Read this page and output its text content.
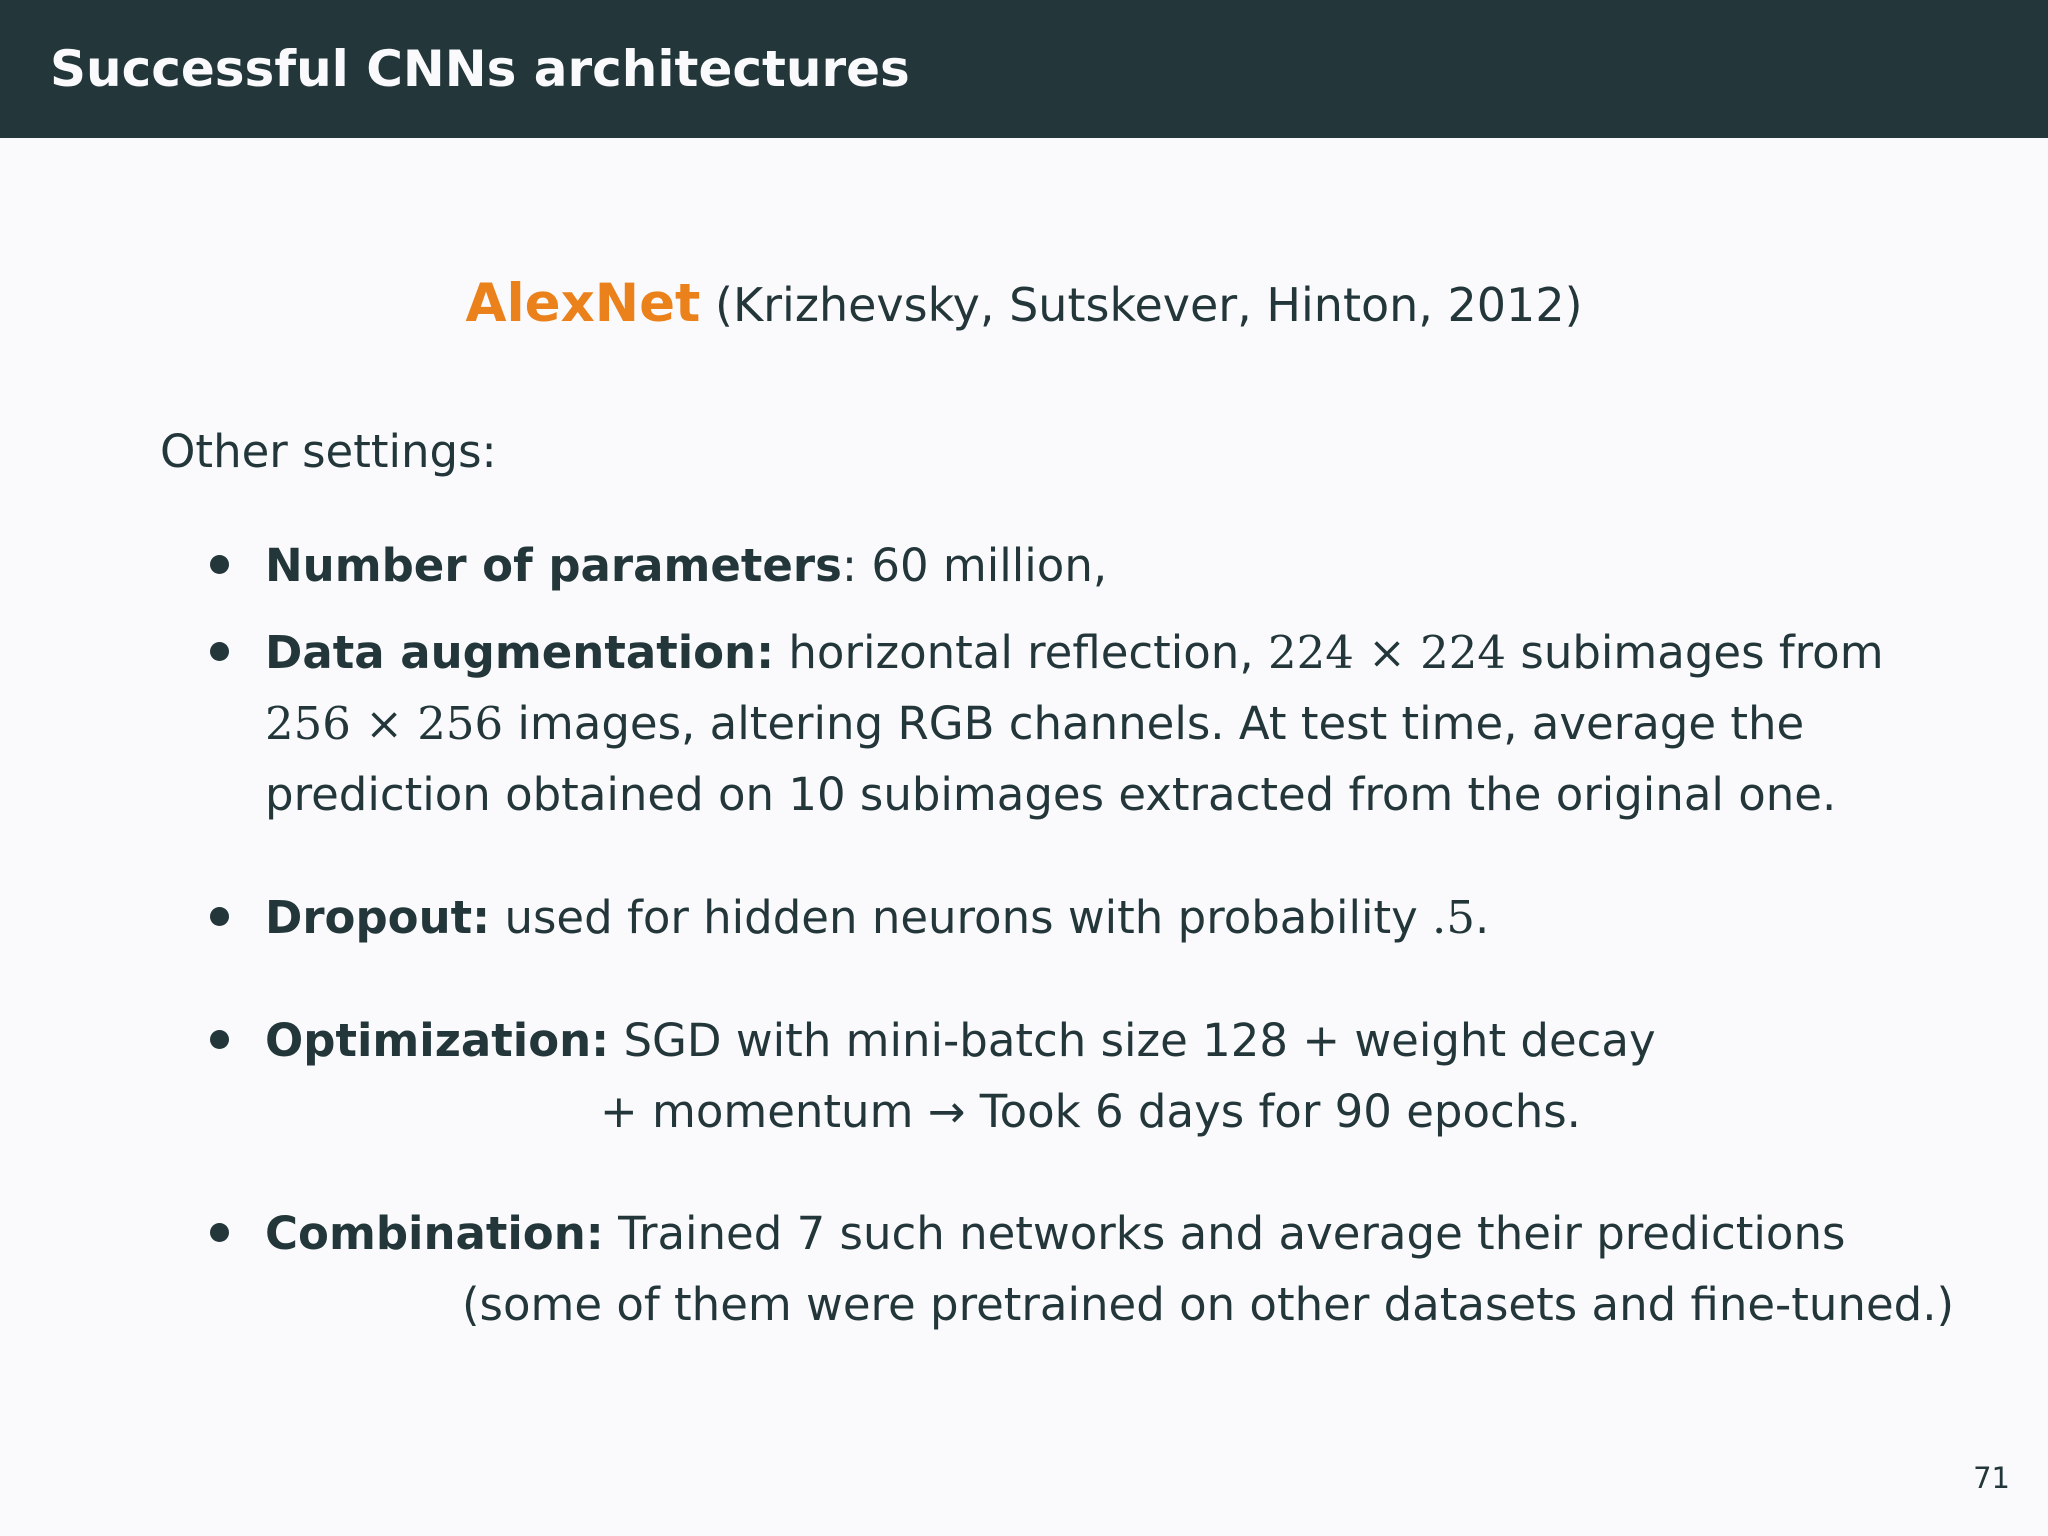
Successful CNNs architectures
AlexNet (Krizhevsky, Sutskever, Hinton, 2012)
Other settings:
Number of parameters: 60 million,
Data augmentation: horizontal reflection, 224 × 224 subimages from
256 × 256 images, altering RGB channels. At test time, average the
prediction obtained on 10 subimages extracted from the original one.
Dropout: used for hidden neurons with probability .5.
Optimization: SGD with mini-batch size 128 + weight decay
+ momentum → Took 6 days for 90 epochs.
Combination: Trained 7 such networks and average their predictions
(some of them were pretrained on other datasets and fine-tuned.)
71
